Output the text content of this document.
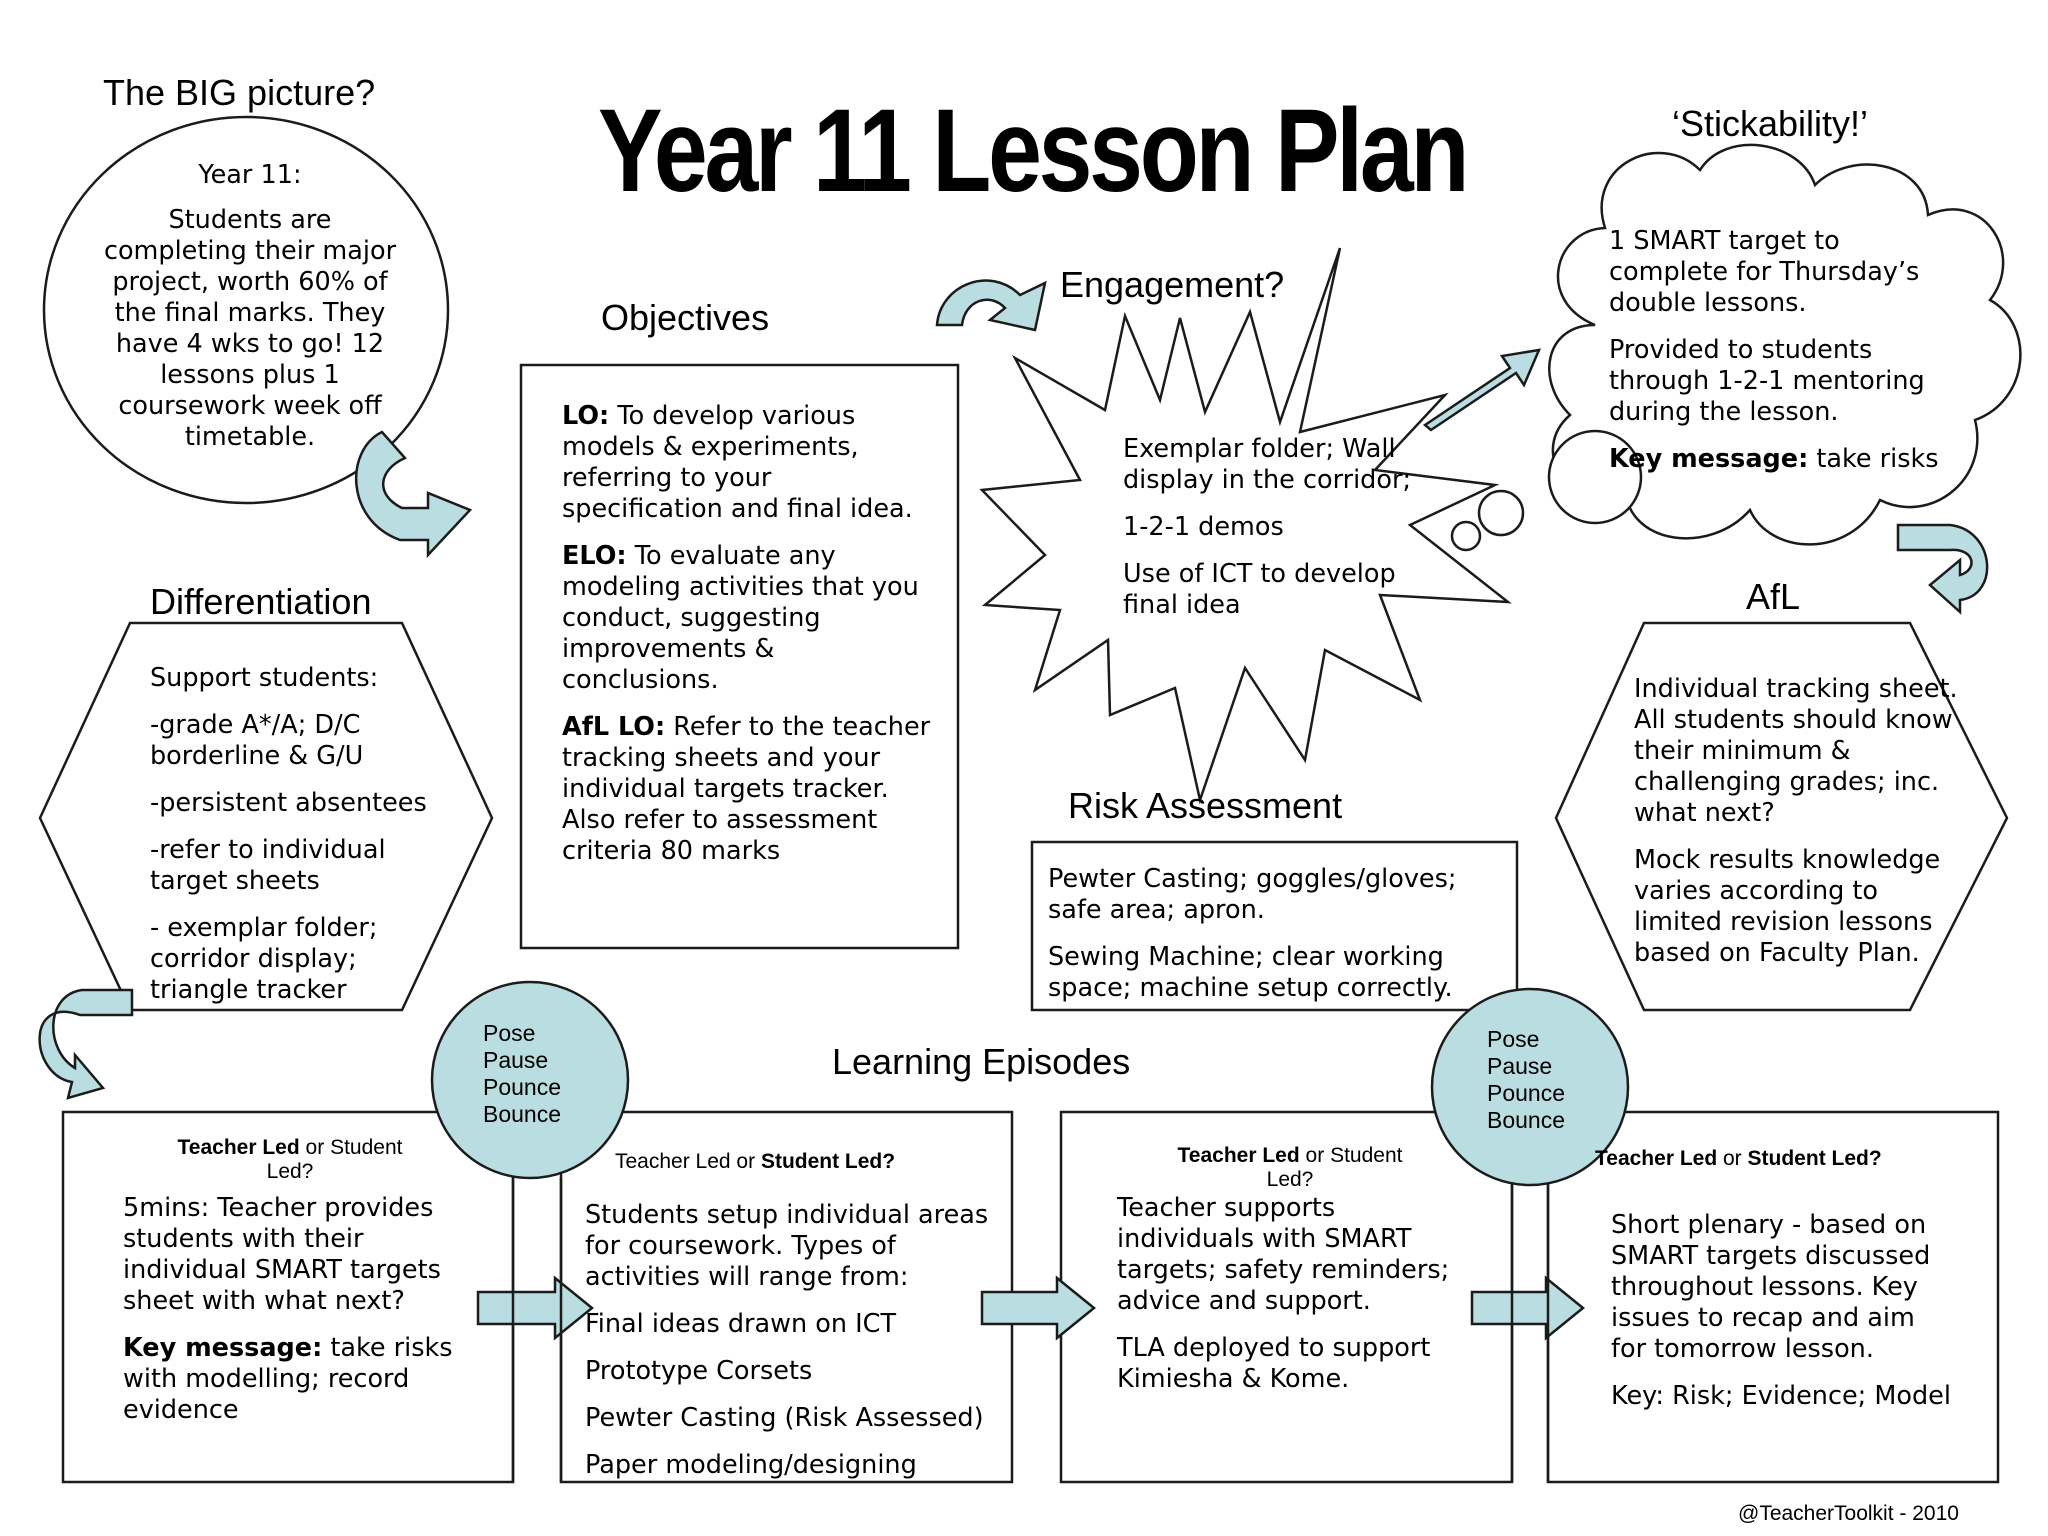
Year 11 Lesson Plan
The BIG picture?

Year 11:

Students are completing their major project, worth 60% of the final marks. They have 4 wks to go! 12 lessons plus 1 coursework week off timetable.

Objectives

LO: To develop various models & experiments, referring to your specification and final idea.

ELO: To evaluate any modeling activities that you conduct, suggesting improvements & conclusions.

AfL LO: Refer to the teacher tracking sheets and your individual targets tracker.

Also refer to assessment criteria 80 marks

Engagement?

Exemplar folder; Wall display in the corridor;

1-2-1 demos

Use of ICT to develop final idea

‘Stickability!’

1 SMART target to complete for Thursday’s double lessons.

Provided to students through 1-2-1 mentoring during the lesson.

Key message: take risks

Differentiation

Support students:

-grade A*/A; D/C borderline & G/U

-persistent absentees

-refer to individual target sheets

- exemplar folder; corridor display; triangle tracker

AfL

Individual tracking sheet. All students should know their minimum & challenging grades; inc. what next?

Mock results knowledge varies according to limited revision lessons based on Faculty Plan.

Risk Assessment

Pewter Casting; goggles/gloves; safe area; apron.

Sewing Machine; clear working space; machine setup correctly.

Learning Episodes
Pose
Pause
Pounce
Bounce
Pose
Pause
Pounce
Bounce
Teacher Led or Student
Led?

5mins: Teacher provides students with their individual SMART targets sheet with what next?

Key message: take risks with modelling; record evidence

Teacher Led or Student Led?

Students setup individual areas for coursework. Types of activities will range from:

Final ideas drawn on ICT

Prototype Corsets

Pewter Casting (Risk Assessed)

Paper modeling/designing

Teacher Led or Student
Led?

Teacher supports individuals with SMART targets; safety reminders; advice and support.

TLA deployed to support Kimiesha & Kome.

Teacher Led or Student Led?

Short plenary - based on SMART targets discussed throughout lessons. Key issues to recap and aim for tomorrow lesson.

Key: Risk; Evidence; Model

@TeacherToolkit - 2010
